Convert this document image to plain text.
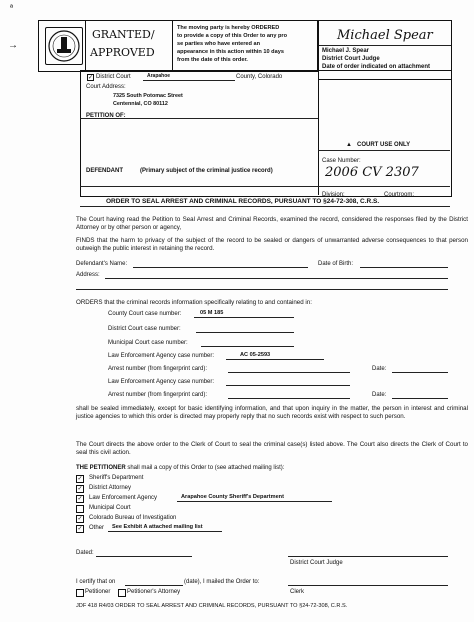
→
ª
GRANTED/
APPROVED
The moving party is hereby ORDERED
to provide a copy of this Order to any pro
se parties who have entered an
appearance in this action within 10 days
from the date of this order.
Michael Spear
Michael J. Spear
District Court Judge
Date of order indicated on attachment
✓ District Court	Arapahoe	County, Colorado
Court Address:
7325 South Potomac Street
Centennial, CO 80112
PETITION OF:
DEFENDANT	(Primary subject of the criminal justice record)
COURT USE ONLY
▲
Case Number:
2006 CV 2307
Division:	Courtroom:
ORDER TO SEAL ARREST AND CRIMINAL RECORDS, PURSUANT TO §24-72-308, C.R.S.
The Court having read the Petition to Seal Arrest and Criminal Records, examined the record, considered the responses filed by the District Attorney or by other person or agency,
FINDS that the harm to privacy of the subject of the record to be sealed or dangers of unwarranted adverse consequences to that person outweigh the public interest in retaining the record.
Defendant's Name:	Date of Birth:
Address:
ORDERS that the criminal records information specifically relating to and contained in:
County Court case number:	05 M 185
District Court case number:
Municipal Court case number:
Law Enforcement Agency case number:	AC 05-2593
Arrest number (from fingerprint card):	Date:
Law Enforcement Agency case number:
Arrest number (from fingerprint card):	Date:
shall be sealed immediately, except for basic identifying information, and that upon inquiry in the matter, the person in interest and criminal justice agencies to which this order is directed may properly reply that no such records exist with respect to such person.
The Court directs the above order to the Clerk of Court to seal the criminal case(s) listed above. The Court also directs the Clerk of Court to seal this civil action.
THE PETITIONER shall mail a copy of this Order to (see attached mailing list):
✓ Sheriff's Department
✓ District Attorney
✓ Law Enforcement Agency	Arapahoe County Sheriff's Department
Municipal Court
✓ Colorado Bureau of Investigation
✓ Other See Exhibit A attached mailing list
Dated:
District Court Judge
I certify that on	(date), I mailed the Order to:
Petitioner	Petitioner's Attorney	Clerk
JDF 418 R4/03 ORDER TO SEAL ARREST AND CRIMINAL RECORDS, PURSUANT TO §24-72-308, C.R.S.
